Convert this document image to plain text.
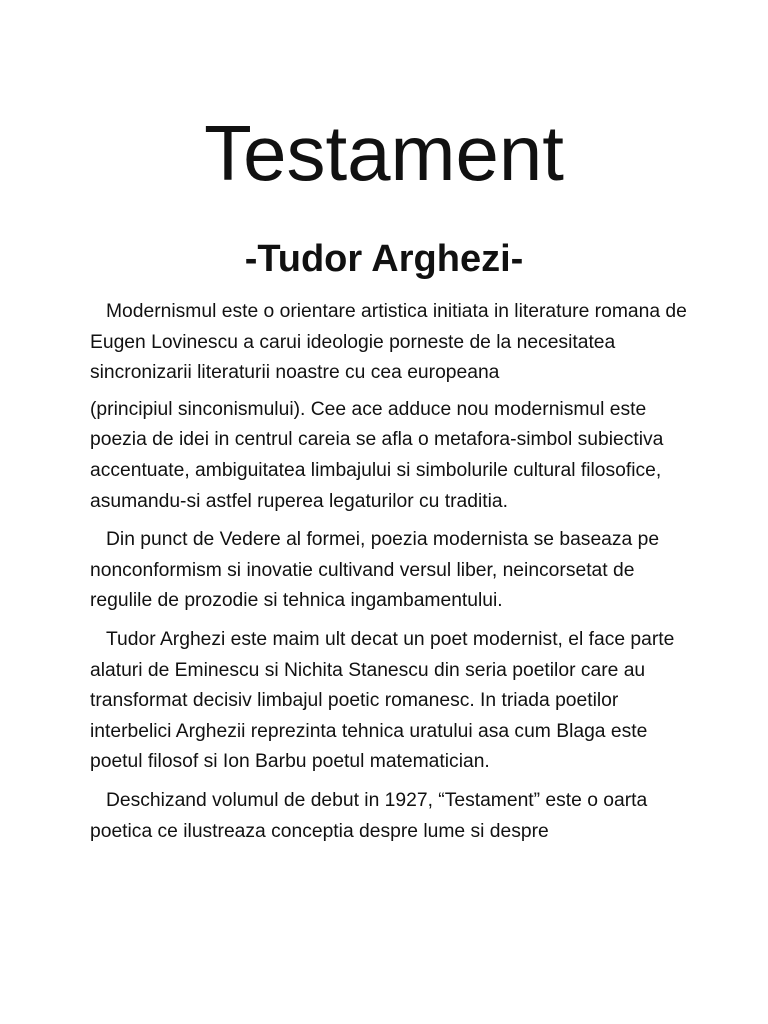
Testament
-Tudor Arghezi-

Modernismul este o orientare artistica initiata in literature romana de Eugen Lovinescu a carui ideologie porneste de la necesitatea sincronizarii literaturii noastre cu cea europeana

(principiul sinconismului). Cee ace adduce nou modernismul este poezia de idei in centrul careia se afla o metafora-simbol subiectiva accentuate, ambiguitatea limbajului si simbolurile cultural filosofice, asumandu-si astfel ruperea legaturilor cu traditia.

Din punct de Vedere al formei, poezia modernista se baseaza pe nonconformism si inovatie cultivand versul liber, neincorsetat de regulile de prozodie si tehnica ingambamentului.

Tudor Arghezi este maim ult decat un poet modernist, el face parte alaturi de Eminescu si Nichita Stanescu din seria poetilor care au transformat decisiv limbajul poetic romanesc. In triada poetilor interbelici Arghezii reprezinta tehnica uratului asa cum Blaga este poetul filosof si Ion Barbu poetul matematician.

Deschizand volumul de debut in 1927, “Testament” este o oarta poetica ce ilustreaza conceptia despre lume si despre
